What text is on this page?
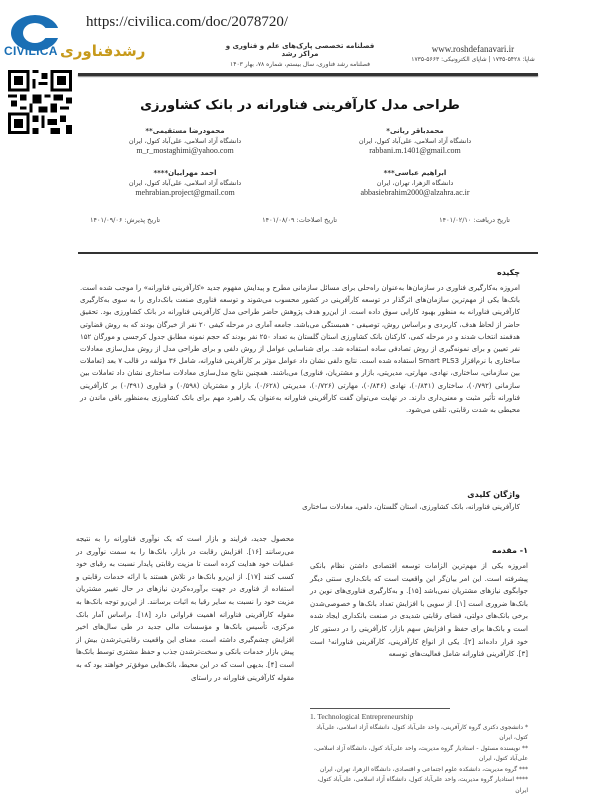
CIVILICA
https://civilica.com/doc/2078720/
رشدفناوری	فصلنامه تخصصی پارک‌های علم و فناوری و مراکز رشد
فصلنامه رشد فناوری، سال بیستم، شماره ۷۸، بهار ۱۴۰۳
www.roshdefanavari.ir
شاپا: ۵۴۲۸-۱۷۳۵ | شاپای الکترونیکی: ۵۶۶۳-۱۷۳۵
طراحی مدل کارآفرینی فناورانه در بانک کشاورزی
محمدباقر ربانی*
دانشگاه آزاد اسلامی، علی‌آباد کتول، ایران
rabbani.m.1401@gmail.com
محمودرضا مستقیمی**
دانشگاه آزاد اسلامی، علی‌آباد کتول، ایران
m_r_mostaghimi@yahoo.com
ابراهیم عباسی***
دانشگاه الزهرا، تهران، ایران
abbasiebrahim2000@alzahra.ac.ir
احمد مهرابیان****
دانشگاه آزاد اسلامی، علی‌آباد کتول، ایران
mehrabian.project@gmail.com
تاریخ دریافت: ۱۴۰۱/۰۲/۱۰
تاریخ اصلاحات: ۱۴۰۱/۰۸/۰۹
تاریخ پذیرش: ۱۴۰۱/۰۹/۰۶
چکیده
امروزه به‌کارگیری فناوری در سازمان‌ها به‌عنوان راه‌حلی برای مسائل سازمانی مطرح و پیدایش مفهوم جدید «کارآفرینی فناورانه» را موجب شده است. بانک‌ها یکی از مهم‌ترین سازمان‌های اثرگذار در توسعه کارآفرینی در کشور محسوب می‌شوند و توسعه فناوری صنعت بانک‌داری را به سوی به‌کارگیری کارآفرینی فناورانه به منظور بهبود کارایی سوق داده است. از این‌رو هدف پژوهش حاضر طراحی مدل کارآفرینی فناورانه در بانک کشاورزی بود. تحقیق حاضر از لحاظ هدف، کاربردی و براساس روش، توصیفی - همبستگی می‌باشد. جامعه آماری در مرحله کیفی ۲۰ نفر از خبرگان بودند که به روش قضاوتی هدفمند انتخاب شدند و در مرحله کمی، کارکنان بانک کشاورزی استان گلستان به تعداد ۲۵۰ نفر بودند که حجم نمونه مطابق جدول کرجسی و مورگان ۱۵۲ نفر تعیین و برای نمونه‌گیری از روش تصادفی ساده استفاده شد. برای شناسایی عوامل از روش دلفی و برای طراحی مدل از روش مدل‌سازی معادلات ساختاری با نرم‌افزار Smart PLS3 استفاده شده است. نتایج دلفی نشان داد عوامل مؤثر بر کارآفرینی فناورانه، شامل ۳۶ مؤلفه در قالب ۷ بعد (تعاملات بین سازمانی، ساختاری، نهادی، مهارتی، مدیریتی، بازار و مشتریان، فناوری) می‌باشند. همچنین نتایج مدل‌سازی معادلات ساختاری نشان داد تعاملات بین سازمانی (۰/۷۹۲)، ساختاری (۰/۸۴۱)، نهادی (۰/۸۴۶)، مهارتی (۰/۷۲۶)، مدیریتی (۰/۶۲۸)، بازار و مشتریان (۰/۵۹۸) و فناوری (۰/۴۹۱) بر کارآفرینی فناورانه تأثیر مثبت و معنی‌داری دارند. در نهایت می‌توان گفت کارآفرینی فناورانه به‌عنوان یک راهبرد مهم برای بانک کشاورزی به‌منظور باقی ماندن در محیطی به شدت رقابتی، تلقی می‌شود.
واژگان کلیدی
کارآفرینی فناورانه، بانک کشاورزی، استان گلستان، دلفی، معادلات ساختاری
۱- مقدمه
امروزه یکی از مهم‌ترین الزامات توسعه اقتصادی داشتن نظام بانکی پیشرفته است. این امر بیان‌گر این واقعیت است که بانک‌داری سنتی دیگر جوابگوی نیازهای مشتریان نمی‌باشد [۱۵]. و به‌کارگیری فناوری‌های نوین در بانک‌ها ضروری است [۱]. از سویی با افزایش تعداد بانک‌ها و خصوصی‌شدن برخی بانک‌های دولتی، فضای رقابتی شدیدی در صنعت بانکداری ایجاد شده است و بانک‌ها برای حفظ و افزایش سهم بازار، کارآفرینی را در دستور کار خود قرار داده‌اند [۲]. یکی از انواع کارآفرینی، کارآفرینی فناورانه¹ است [۳]. کارآفرینی فناورانه شامل فعالیت‌های توسعه
محصول جدید، فرایند و بازار است که یک نوآوری فناورانه را به نتیجه می‌رسانند [۱۶]. افزایش رقابت در بازار، بانک‌ها را به سمت نوآوری در عملیات خود هدایت کرده است تا مزیت رقابتی پایدار نسبت به رقبای خود کسب کنند [۱۷]. از این‌رو بانک‌ها در تلاش هستند با ارائه خدمات رقابتی و استفاده از فناوری در جهت برآورده‌کردن نیازهای در حال تغییر مشتریان مزیت خود را نسبت به سایر رقبا به اثبات برسانند. از این‌رو توجه بانک‌ها به مقوله کارآفرینی فناورانه اهمیت فراوانی دارد [۱۸]. براساس آمار بانک مرکزی، تأسیس بانک‌ها و مؤسسات مالی جدید در طی سال‌های اخیر افزایش چشم‌گیری داشته است. معنای این واقعیت رقابتی‌ترشدن بیش از پیش بازار خدمات بانکی و سخت‌ترشدن جذب و حفظ مشتری توسط بانک‌ها است [۴]. بدیهی است که در این محیط، بانک‌هایی موفق‌تر خواهند بود که به مقوله کارآفرینی فناورانه در راستای
1. Technological Entrepreneurship
* دانشجوی دکتری گروه کارآفرینی، واحد علی‌آباد کتول، دانشگاه آزاد اسلامی، علی‌آباد کتول، ایران
** نویسنده مسئول - استادیار گروه مدیریت، واحد علی‌آباد کتول، دانشگاه آزاد اسلامی، علی‌آباد کتول، ایران
*** گروه مدیریت، دانشکده علوم اجتماعی و اقتصادی، دانشگاه الزهرا، تهران، ایران
**** استادیار گروه مدیریت، واحد علی‌آباد کتول، دانشگاه آزاد اسلامی، علی‌آباد کتول، ایران
